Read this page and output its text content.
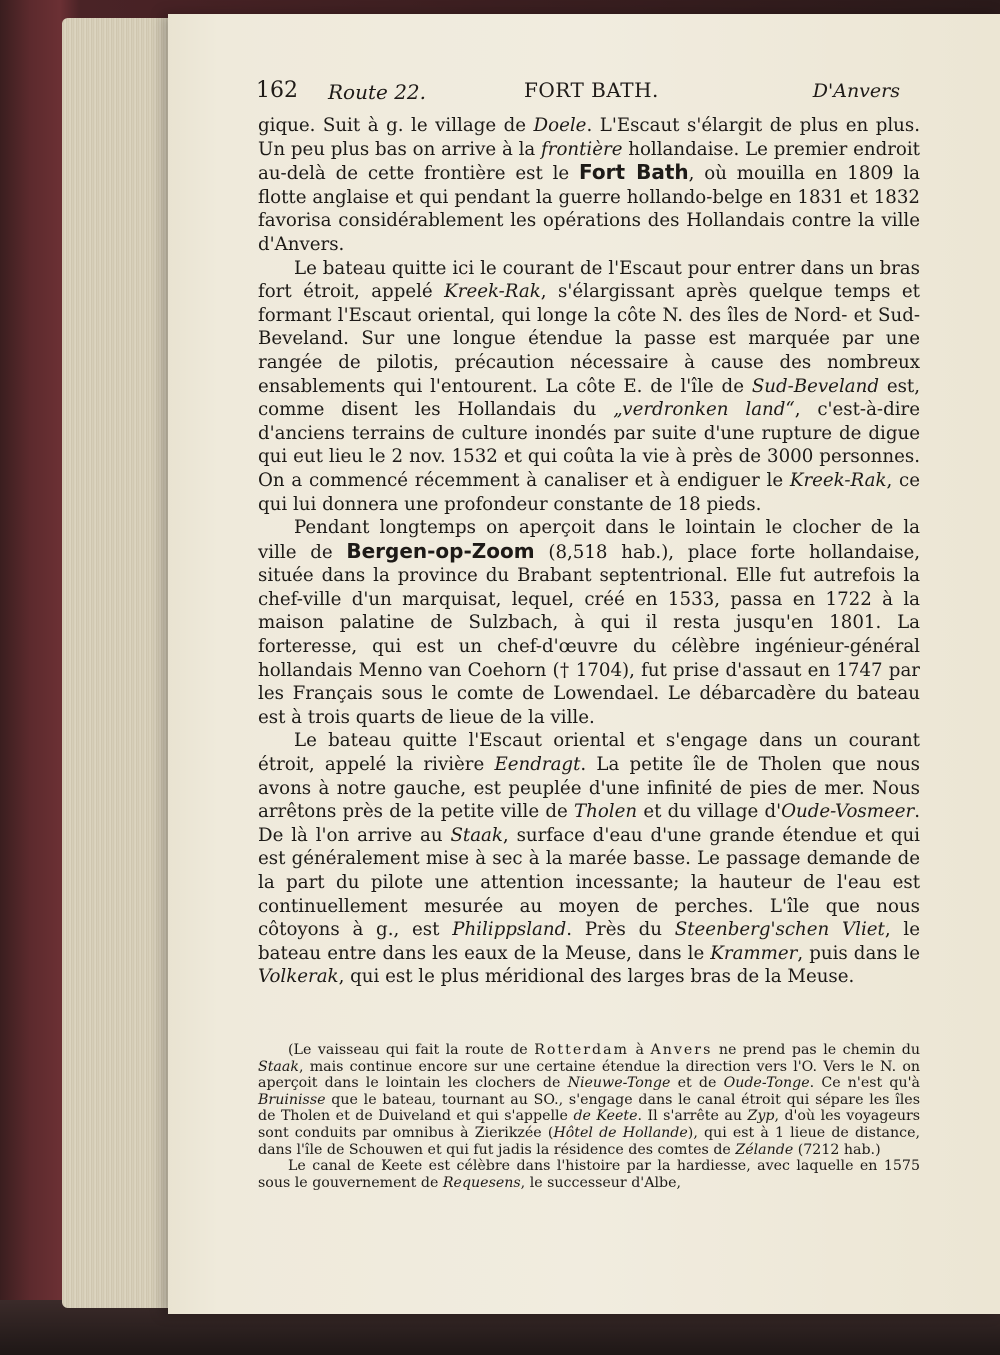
162 Route 22.	FORT BATH.	D'Anvers

gique. Suit à g. le village de Doele. L'Escaut s'élargit de plus en plus. Un peu plus bas on arrive à la frontière hollandaise. Le premier endroit au-delà de cette frontière est le Fort Bath, où mouilla en 1809 la flotte anglaise et qui pendant la guerre hollando-belge en 1831 et 1832 favorisa considérablement les opérations des Hollandais contre la ville d'Anvers.

Le bateau quitte ici le courant de l'Escaut pour entrer dans un bras fort étroit, appelé Kreek-Rak, s'élargissant après quelque temps et formant l'Escaut oriental, qui longe la côte N. des îles de Nord- et Sud-Beveland. Sur une longue étendue la passe est marquée par une rangée de pilotis, précaution nécessaire à cause des nombreux ensablements qui l'entourent. La côte E. de l'île de Sud-Beveland est, comme disent les Hollandais du „verdronken land“, c'est-à-dire d'anciens terrains de culture inondés par suite d'une rupture de digue qui eut lieu le 2 nov. 1532 et qui coûta la vie à près de 3000 personnes. On a commencé récemment à canaliser et à endiguer le Kreek-Rak, ce qui lui donnera une profondeur constante de 18 pieds.

Pendant longtemps on aperçoit dans le lointain le clocher de la ville de Bergen-op-Zoom (8,518 hab.), place forte hollandaise, située dans la province du Brabant septentrional. Elle fut autrefois la chef-ville d'un marquisat, lequel, créé en 1533, passa en 1722 à la maison palatine de Sulzbach, à qui il resta jusqu'en 1801. La forteresse, qui est un chef-d'œuvre du célèbre ingénieur-général hollandais Menno van Coehorn († 1704), fut prise d'assaut en 1747 par les Français sous le comte de Lowendael. Le débarcadère du bateau est à trois quarts de lieue de la ville.

Le bateau quitte l'Escaut oriental et s'engage dans un courant étroit, appelé la rivière Eendragt. La petite île de Tholen que nous avons à notre gauche, est peuplée d'une infinité de pies de mer. Nous arrêtons près de la petite ville de Tholen et du village d'Oude-Vosmeer. De là l'on arrive au Staak, surface d'eau d'une grande étendue et qui est généralement mise à sec à la marée basse. Le passage demande de la part du pilote une attention incessante; la hauteur de l'eau est continuellement mesurée au moyen de perches. L'île que nous côtoyons à g., est Philippsland. Près du Steenberg'schen Vliet, le bateau entre dans les eaux de la Meuse, dans le Krammer, puis dans le Volkerak, qui est le plus méridional des larges bras de la Meuse.

(Le vaisseau qui fait la route de Rotterdam à Anvers ne prend pas le chemin du Staak, mais continue encore sur une certaine étendue la direction vers l'O. Vers le N. on aperçoit dans le lointain les clochers de Nieuwe-Tonge et de Oude-Tonge. Ce n'est qu'à Bruinisse que le bateau, tournant au SO., s'engage dans le canal étroit qui sépare les îles de Tholen et de Duiveland et qui s'appelle de Keete. Il s'arrête au Zyp, d'où les voyageurs sont conduits par omnibus à Zierikzée (Hôtel de Hollande), qui est à 1 lieue de distance, dans l'île de Schouwen et qui fut jadis la résidence des comtes de Zélande (7212 hab.)

Le canal de Keete est célèbre dans l'histoire par la hardiesse, avec laquelle en 1575 sous le gouvernement de Requesens, le successeur d'Albe,
